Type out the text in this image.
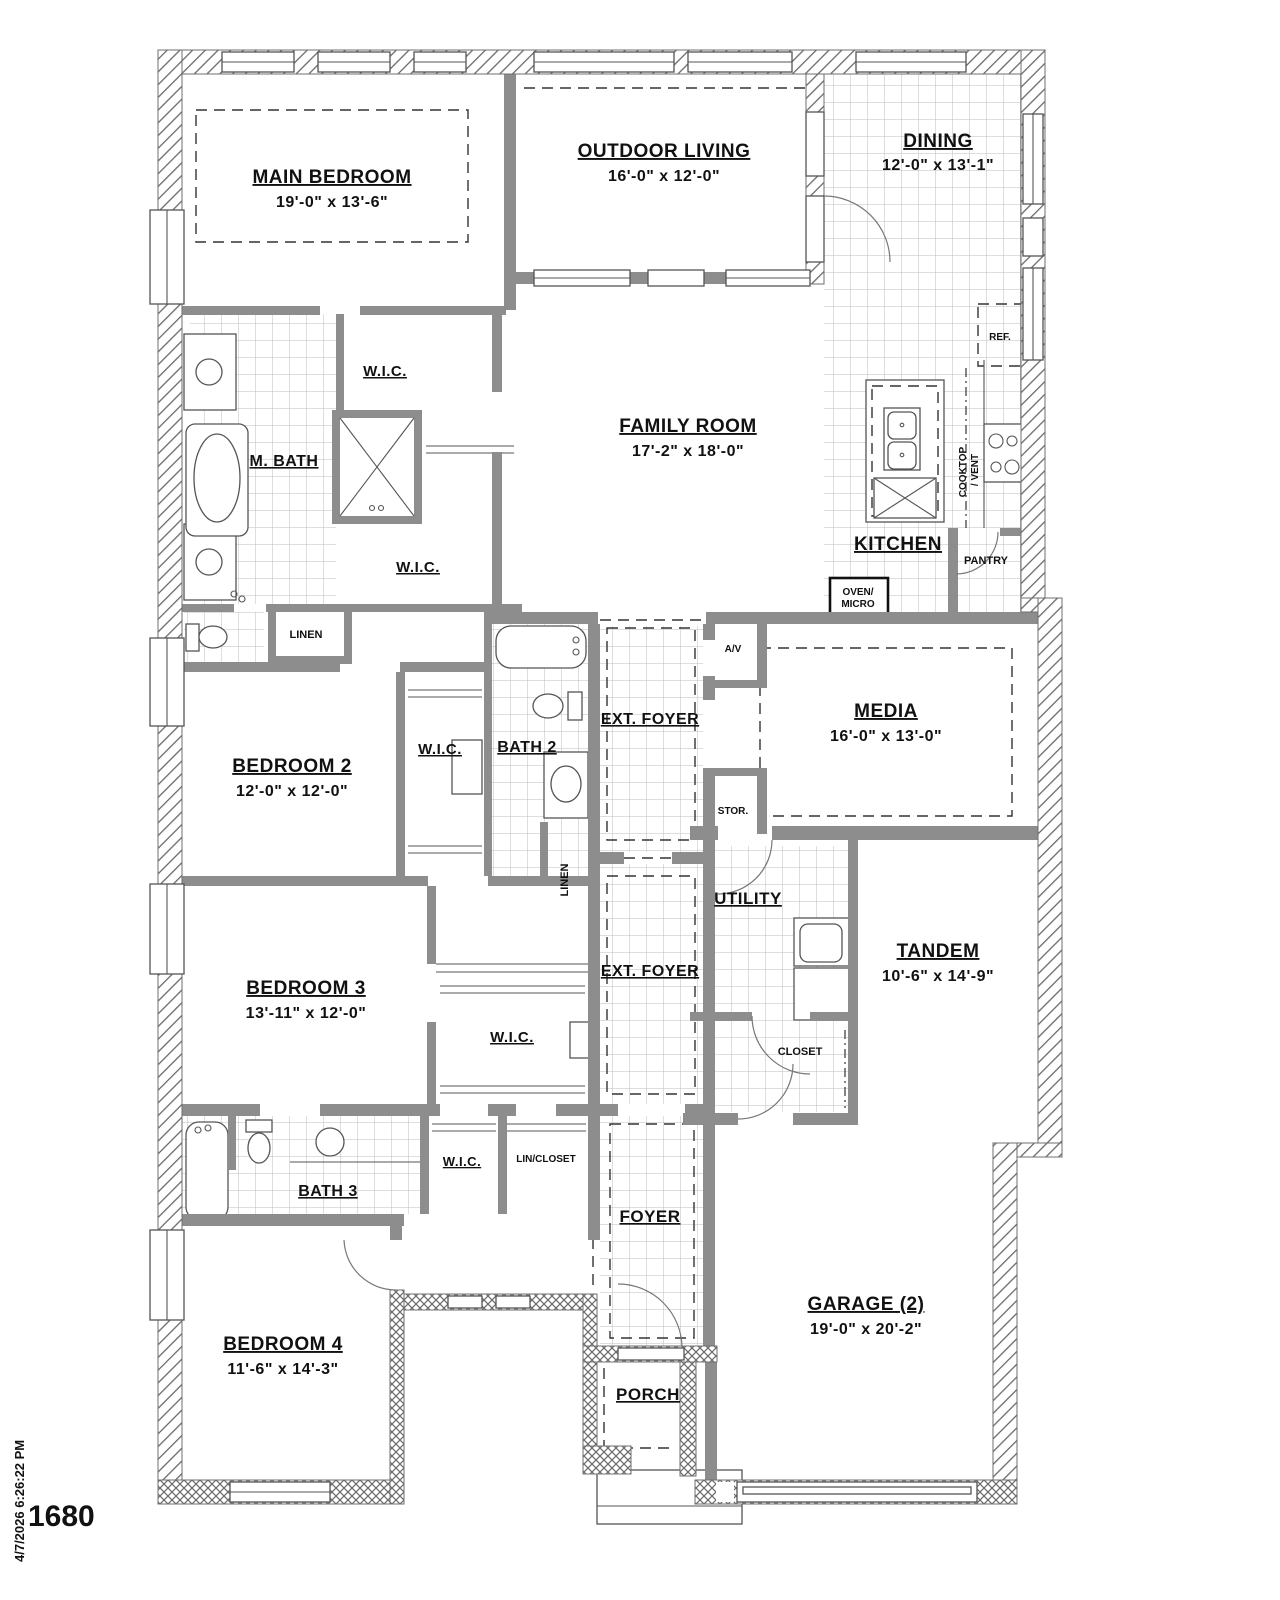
MAIN BEDROOM
19'-0" x 13'-6"
OUTDOOR LIVING
16'-0" x 12'-0"
DINING
12'-0" x 13'-1"
FAMILY ROOM
17'-2" x 18'-0"
KITCHEN
MEDIA
16'-0" x 13'-0"
BEDROOM 2
12'-0" x 12'-0"
BEDROOM 3
13'-11" x 12'-0"
BEDROOM 4
11'-6" x 14'-3"
TANDEM
10'-6" x 14'-9"
GARAGE (2)
19'-0" x 20'-2"
UTILITY
FOYER
EXT. FOYER
EXT. FOYER
PORCH
M. BATH
BATH 2
BATH 3
W.I.C.
W.I.C.
W.I.C.
W.I.C.
W.I.C.
LINEN
LINEN
LIN/CLOSET
PANTRY
CLOSET
STOR.
A/V
REF.
OVEN/
MICRO
COOKTOP / VENT
1680
4/7/2026 6:26:22 PM
